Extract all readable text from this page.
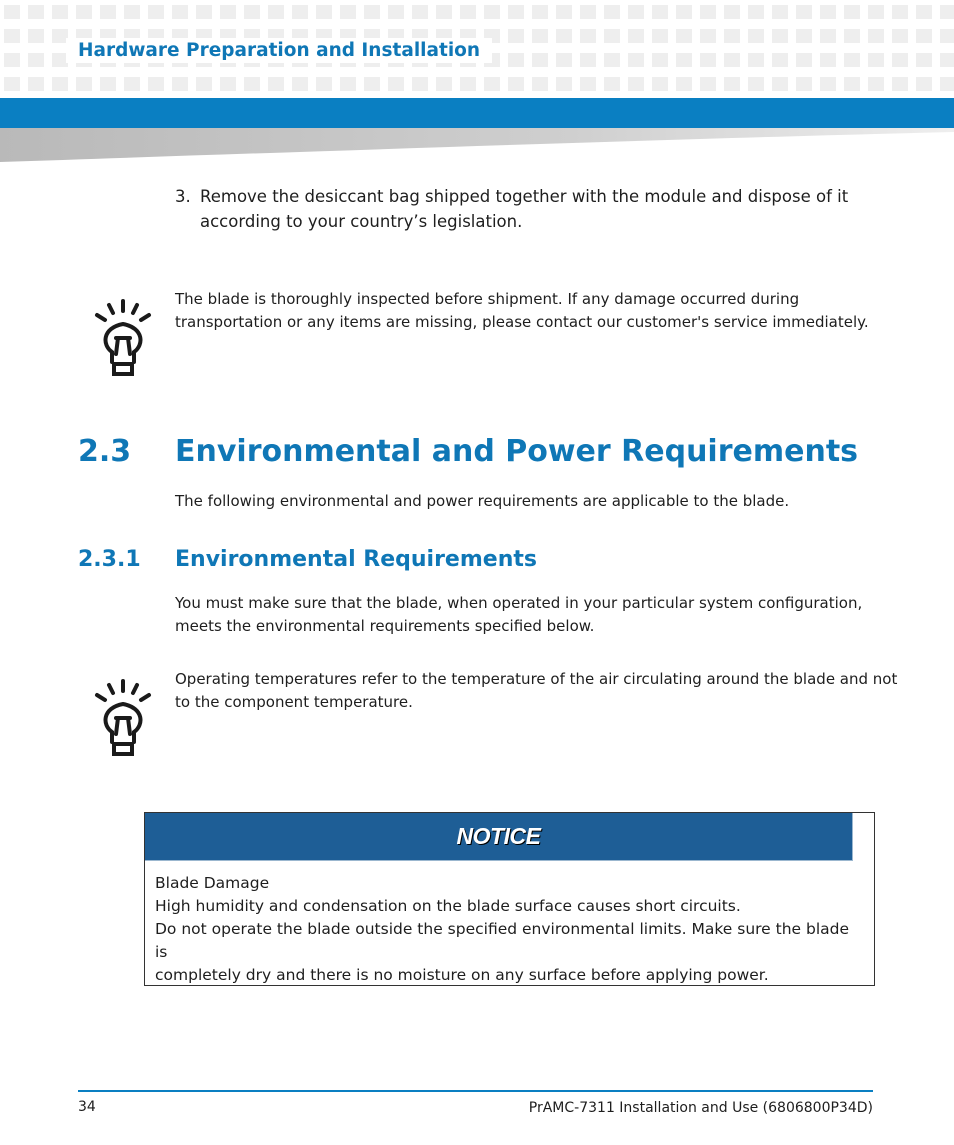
Hardware Preparation and Installation
3. Remove the desiccant bag shipped together with the module and dispose of it
according to your country’s legislation.
The blade is thoroughly inspected before shipment. If any damage occurred during
transportation or any items are missing, please contact our customer's service immediately.
2.3 Environmental and Power Requirements
The following environmental and power requirements are applicable to the blade.
2.3.1 Environmental Requirements
You must make sure that the blade, when operated in your particular system configuration,
meets the environmental requirements specified below.
Operating temperatures refer to the temperature of the air circulating around the blade and not
to the component temperature.
NOTICE
Blade Damage
High humidity and condensation on the blade surface causes short circuits.
Do not operate the blade outside the specified environmental limits. Make sure the blade is
completely dry and there is no moisture on any surface before applying power.
34	PrAMC-7311 Installation and Use (6806800P34D)
